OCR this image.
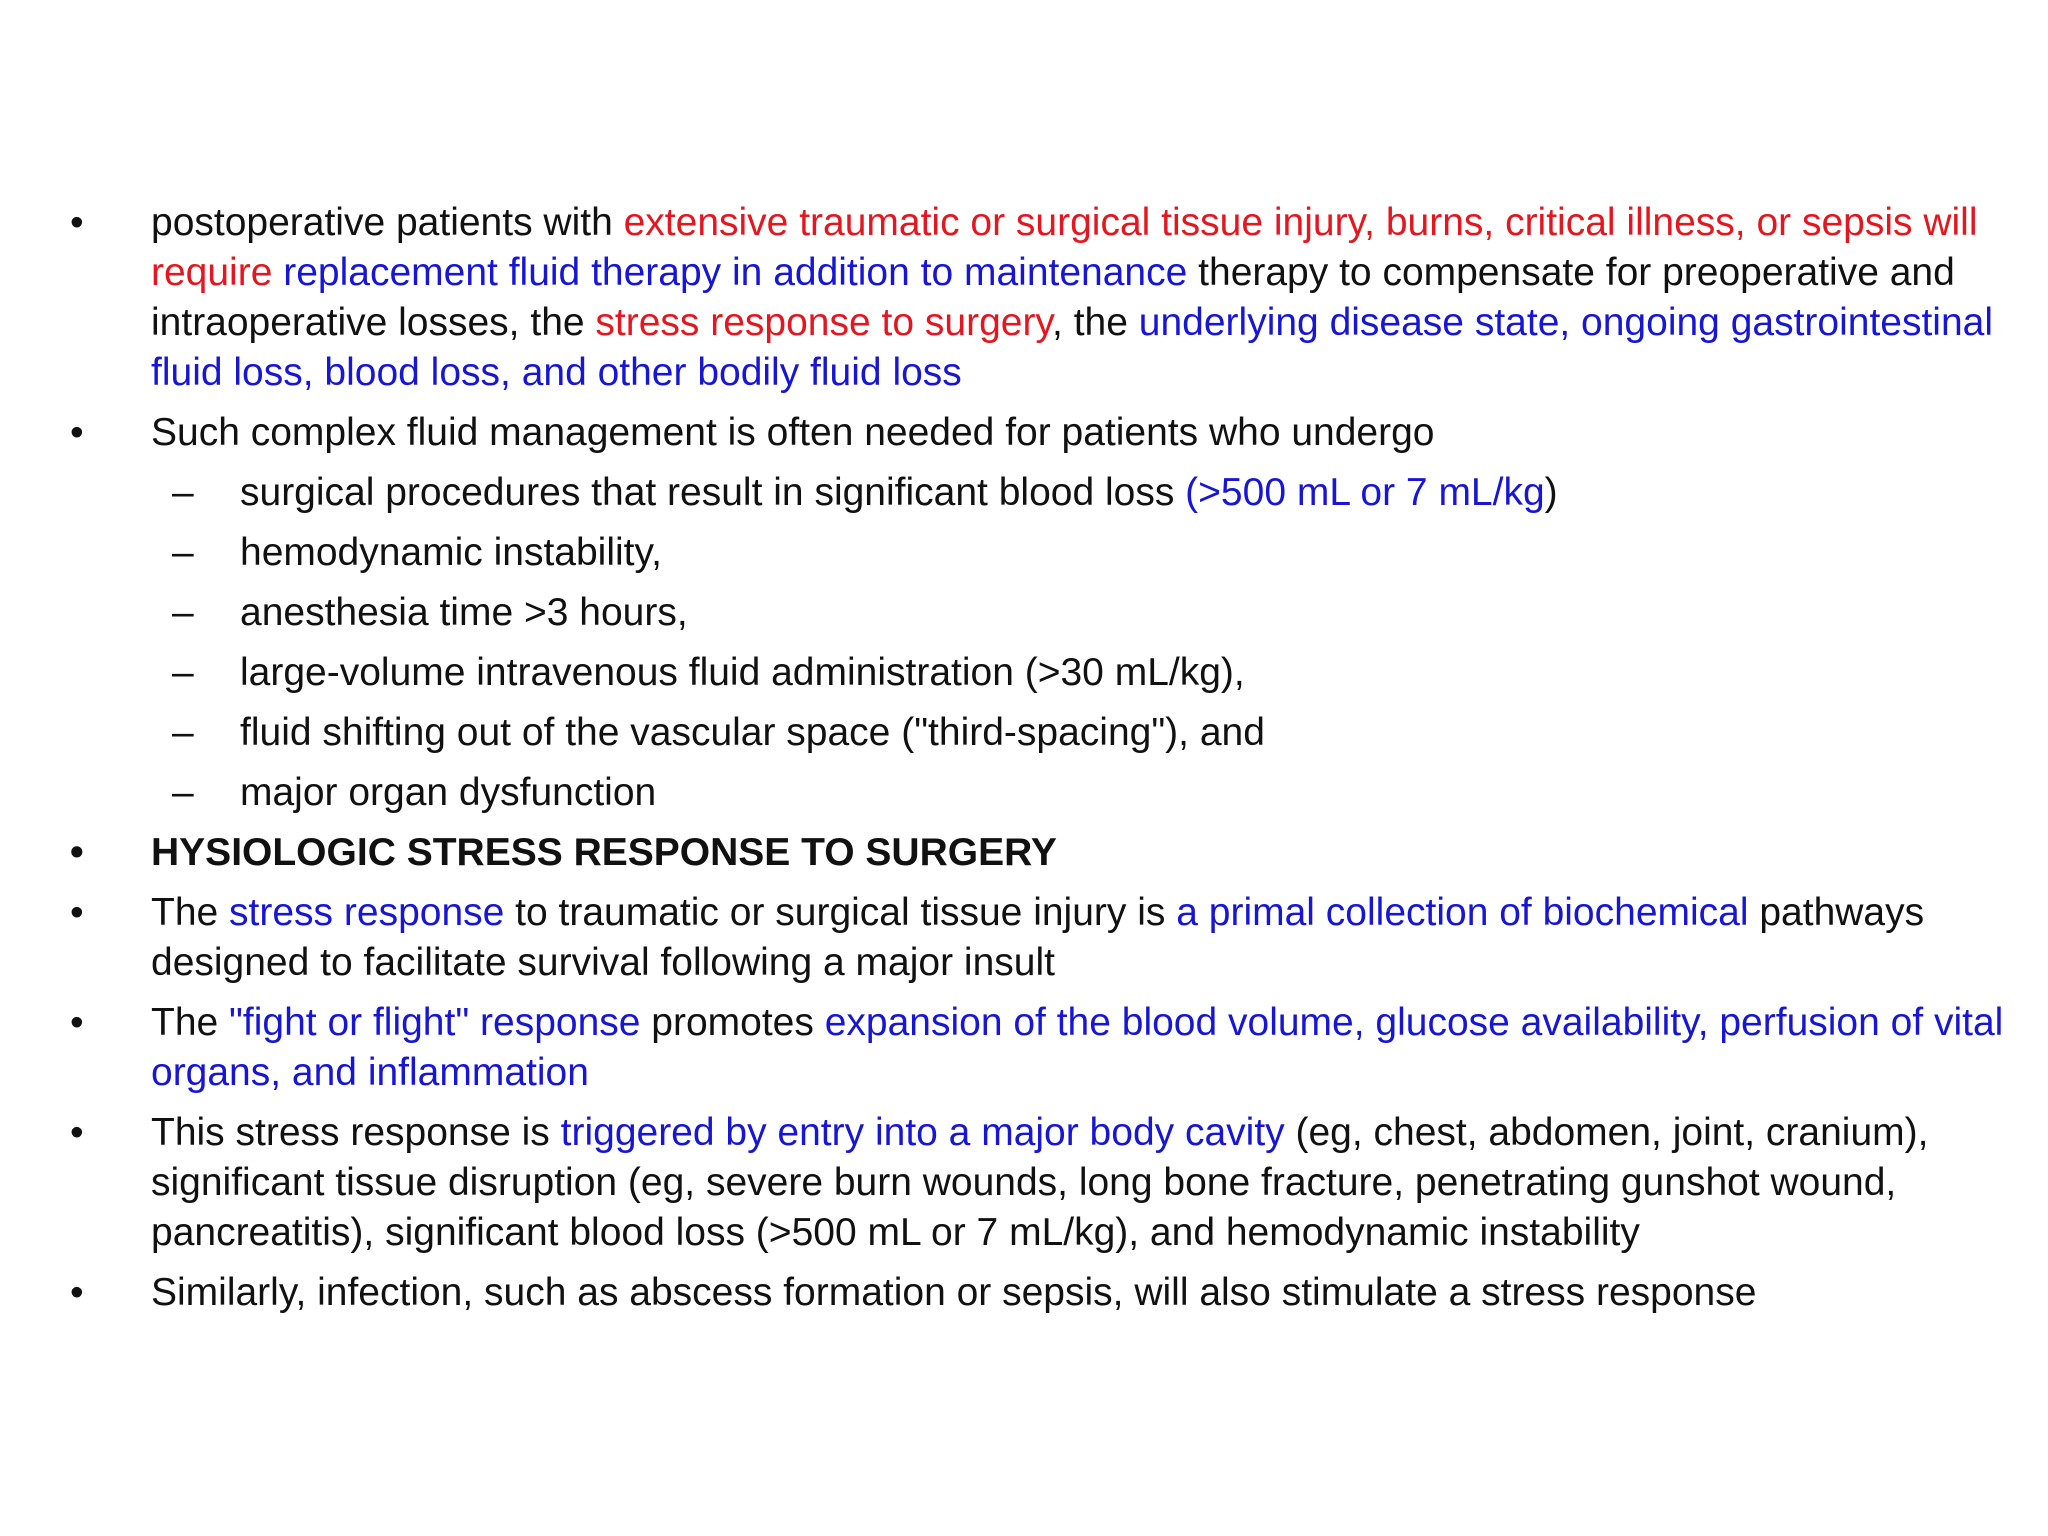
• postoperative patients with extensive traumatic or surgical tissue injury, burns, critical illness, or sepsis will require replacement fluid therapy in addition to maintenance therapy to compensate for preoperative and intraoperative losses, the stress response to surgery, the underlying disease state, ongoing gastrointestinal fluid loss, blood loss, and other bodily fluid loss
• Such complex fluid management is often needed for patients who undergo
– surgical procedures that result in significant blood loss (>500 mL or 7 mL/kg)
– hemodynamic instability,
– anesthesia time >3 hours,
– large-volume intravenous fluid administration (>30 mL/kg),
– fluid shifting out of the vascular space ("third-spacing"), and
– major organ dysfunction
• HYSIOLOGIC STRESS RESPONSE TO SURGERY
• The stress response to traumatic or surgical tissue injury is a primal collection of biochemical pathways designed to facilitate survival following a major insult
• The "fight or flight" response promotes expansion of the blood volume, glucose availability, perfusion of vital organs, and inflammation
• This stress response is triggered by entry into a major body cavity (eg, chest, abdomen, joint, cranium), significant tissue disruption (eg, severe burn wounds, long bone fracture, penetrating gunshot wound, pancreatitis), significant blood loss (>500 mL or 7 mL/kg), and hemodynamic instability
• Similarly, infection, such as abscess formation or sepsis, will also stimulate a stress response
